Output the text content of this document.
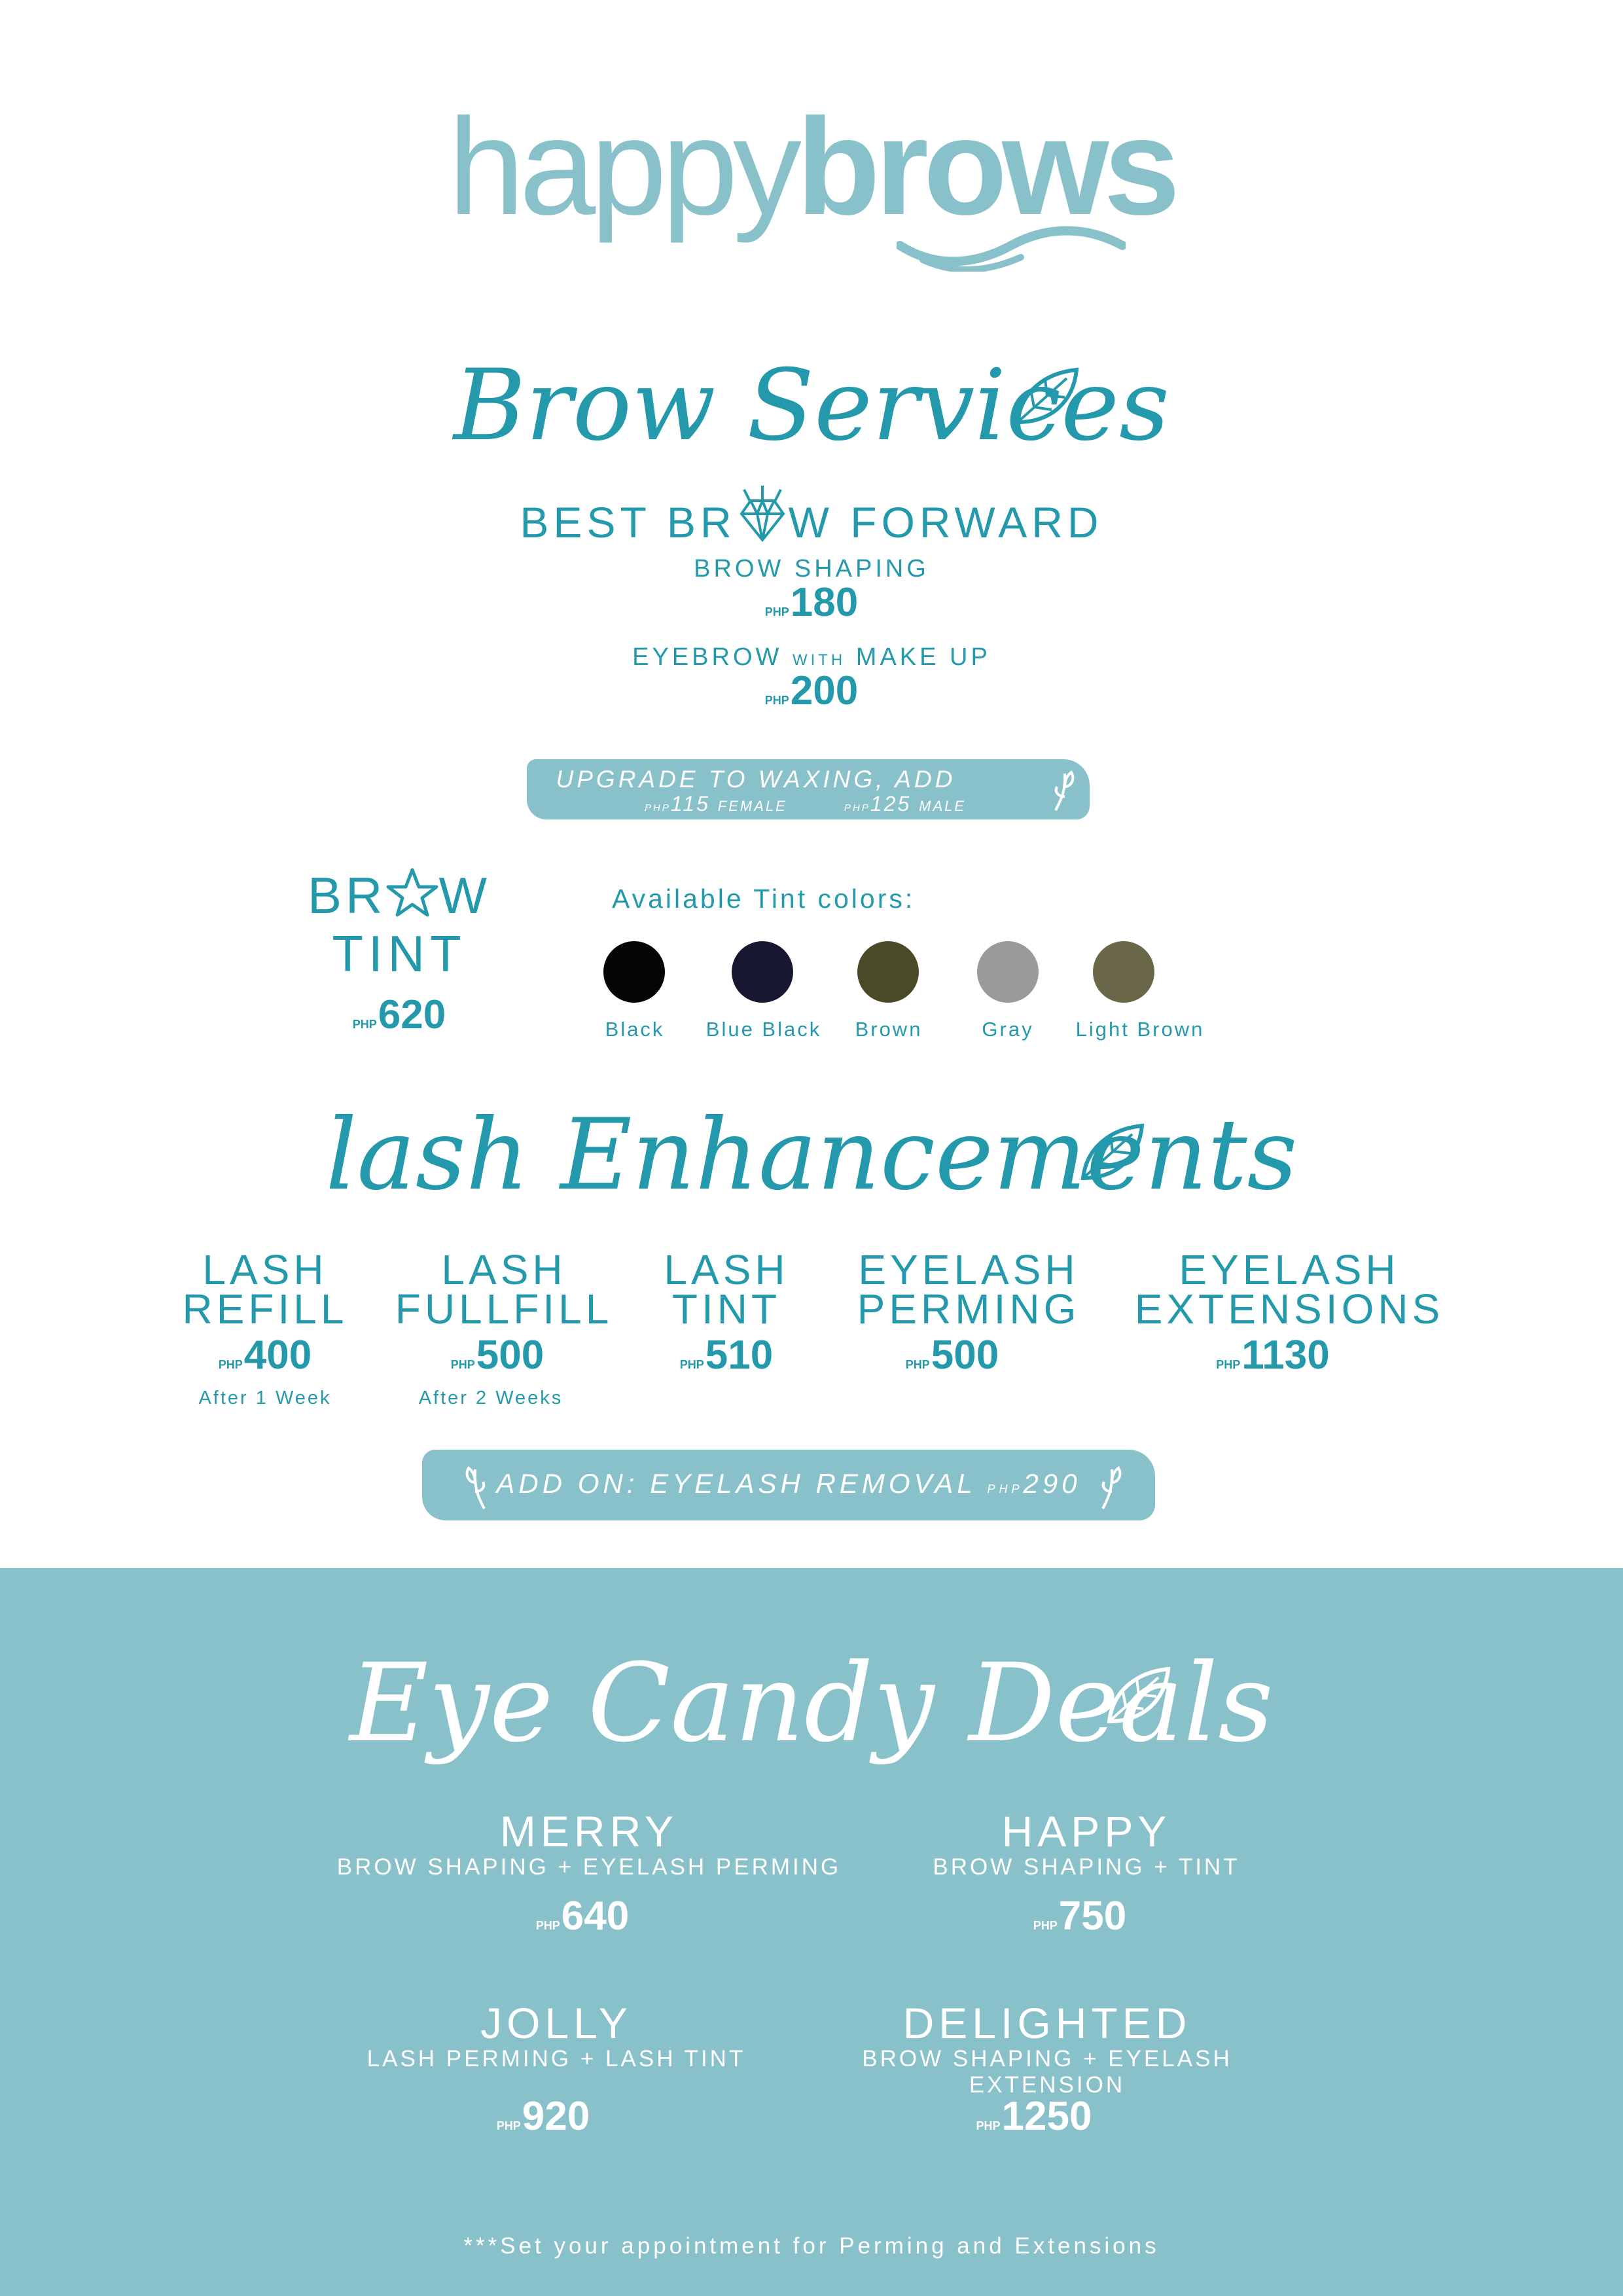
happybrows
Brow Services
BEST BR W FORWARD
BROW SHAPING
PHP180
EYEBROW WITH MAKE UP
PHP200
UPGRADE TO WAXING, ADD
PHP115 FEMALE	PHP125 MALE
BR W
TINT
PHP620
Available Tint colors:
Black	Blue Black	Brown	Gray	Light Brown
lash Enhancements
LASH
REFILL
PHP400
After 1 Week
LASH
FULLFILL
PHP500
After 2 Weeks
LASH
TINT
PHP510
EYELASH
PERMING
PHP500
EYELASH
EXTENSIONS
PHP1130
ADD ON: EYELASH REMOVAL PHP290
Eye Candy Deals
MERRY
BROW SHAPING + EYELASH PERMING
PHP640
HAPPY
BROW SHAPING + TINT
PHP750
JOLLY
LASH PERMING + LASH TINT
PHP920
DELIGHTED
BROW SHAPING + EYELASH EXTENSION
PHP1250
***Set your appointment for Perming and Extensions
